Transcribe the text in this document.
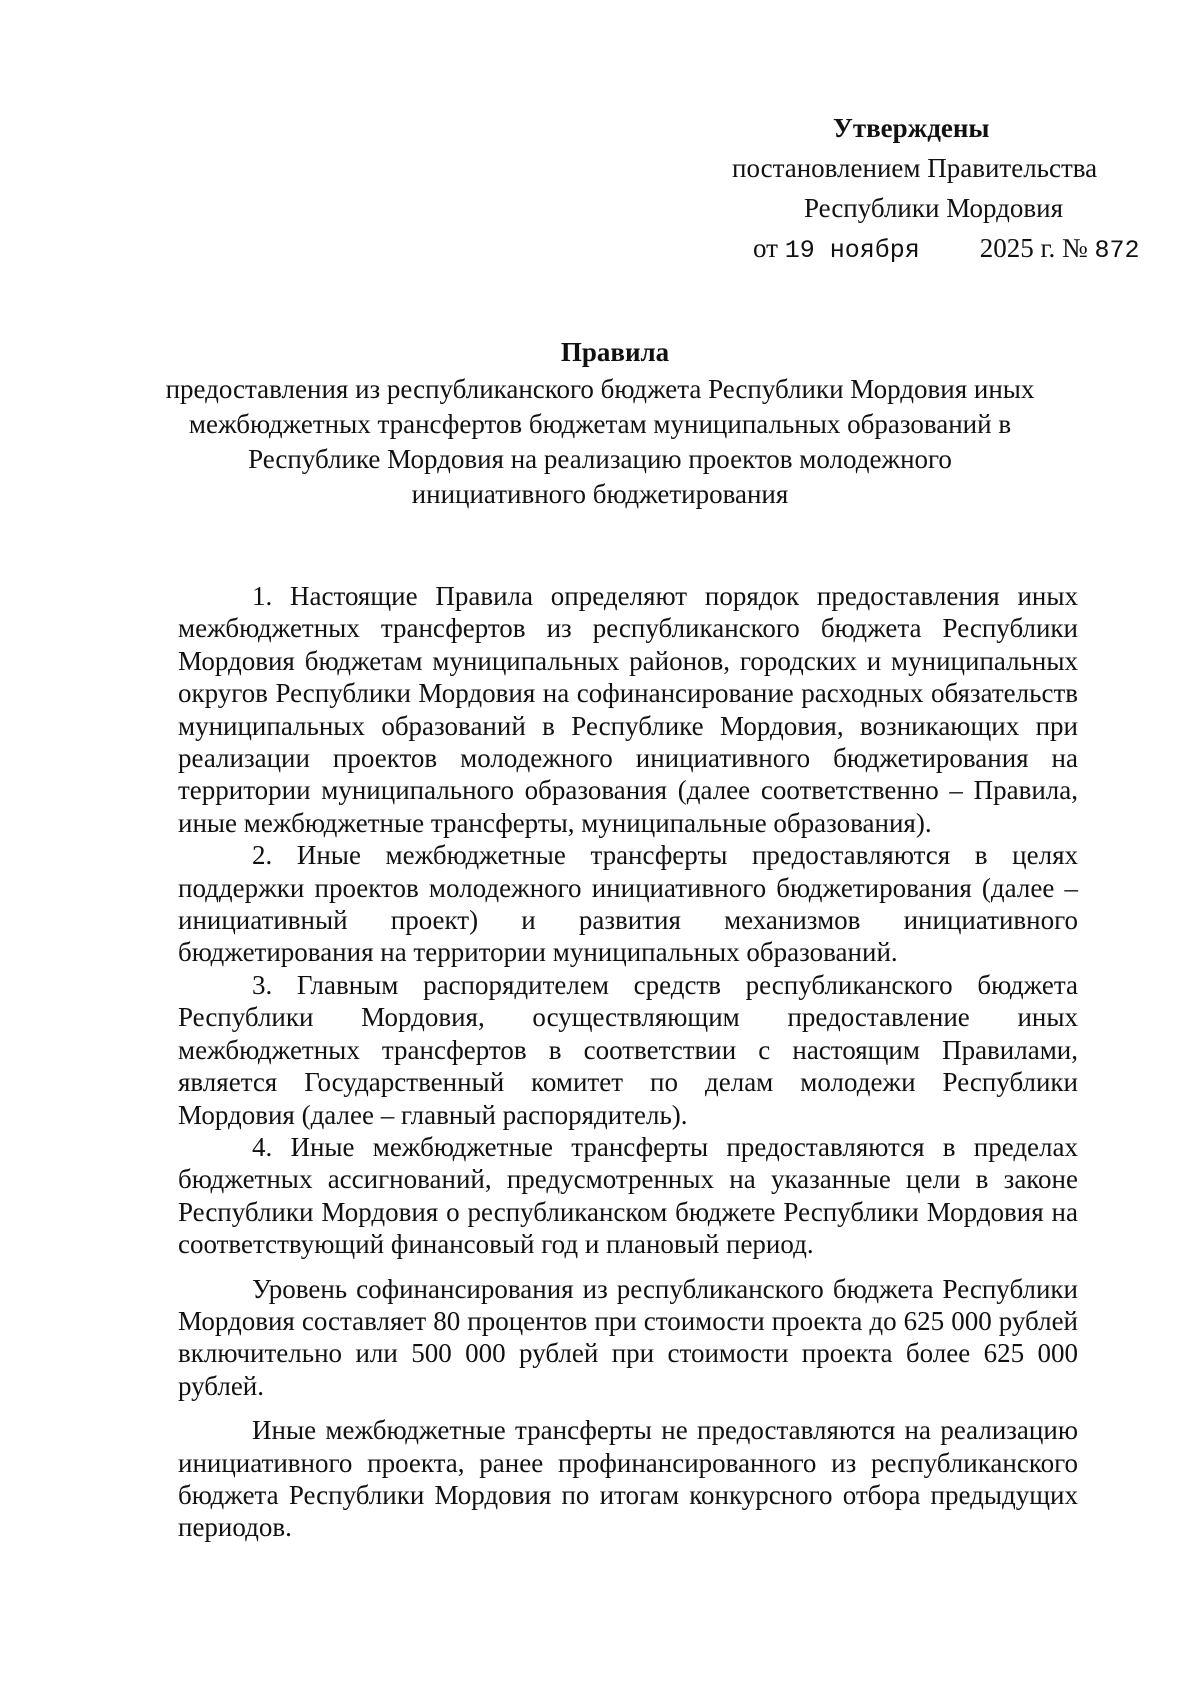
Утверждены
постановлением Правительства
Республики Мордовия
от 19 ноября 2025 г. № 872
Правила
предоставления из республиканского бюджета Республики Мордовия иных
межбюджетных трансфертов бюджетам муниципальных образований в
Республике Мордовия на реализацию проектов молодежного
инициативного бюджетирования

1. Настоящие Правила определяют порядок предоставления иных межбюджетных трансфертов из республиканского бюджета Республики Мордовия бюджетам муниципальных районов, городских и муниципальных округов Республики Мордовия на софинансирование расходных обязательств муниципальных образований в Республике Мордовия, возникающих при реализации проектов молодежного инициативного бюджетирования на территории муниципального образования (далее соответственно – Правила, иные межбюджетные трансферты, муниципальные образования).

2. Иные межбюджетные трансферты предоставляются в целях поддержки проектов молодежного инициативного бюджетирования (далее – инициативный проект) и развития механизмов инициативного бюджетирования на территории муниципальных образований.

3. Главным распорядителем средств республиканского бюджета Республики Мордовия, осуществляющим предоставление иных межбюджетных трансфертов в соответствии с настоящим Правилами, является Государственный комитет по делам молодежи Республики Мордовия (далее – главный распорядитель).

4. Иные межбюджетные трансферты предоставляются в пределах бюджетных ассигнований, предусмотренных на указанные цели в законе Республики Мордовия о республиканском бюджете Республики Мордовия на соответствующий финансовый год и плановый период.

Уровень софинансирования из республиканского бюджета Республики Мордовия составляет 80 процентов при стоимости проекта до 625 000 рублей включительно или 500 000 рублей при стоимости проекта более 625 000 рублей.

Иные межбюджетные трансферты не предоставляются на реализацию инициативного проекта, ранее профинансированного из республиканского бюджета Республики Мордовия по итогам конкурсного отбора предыдущих периодов.
